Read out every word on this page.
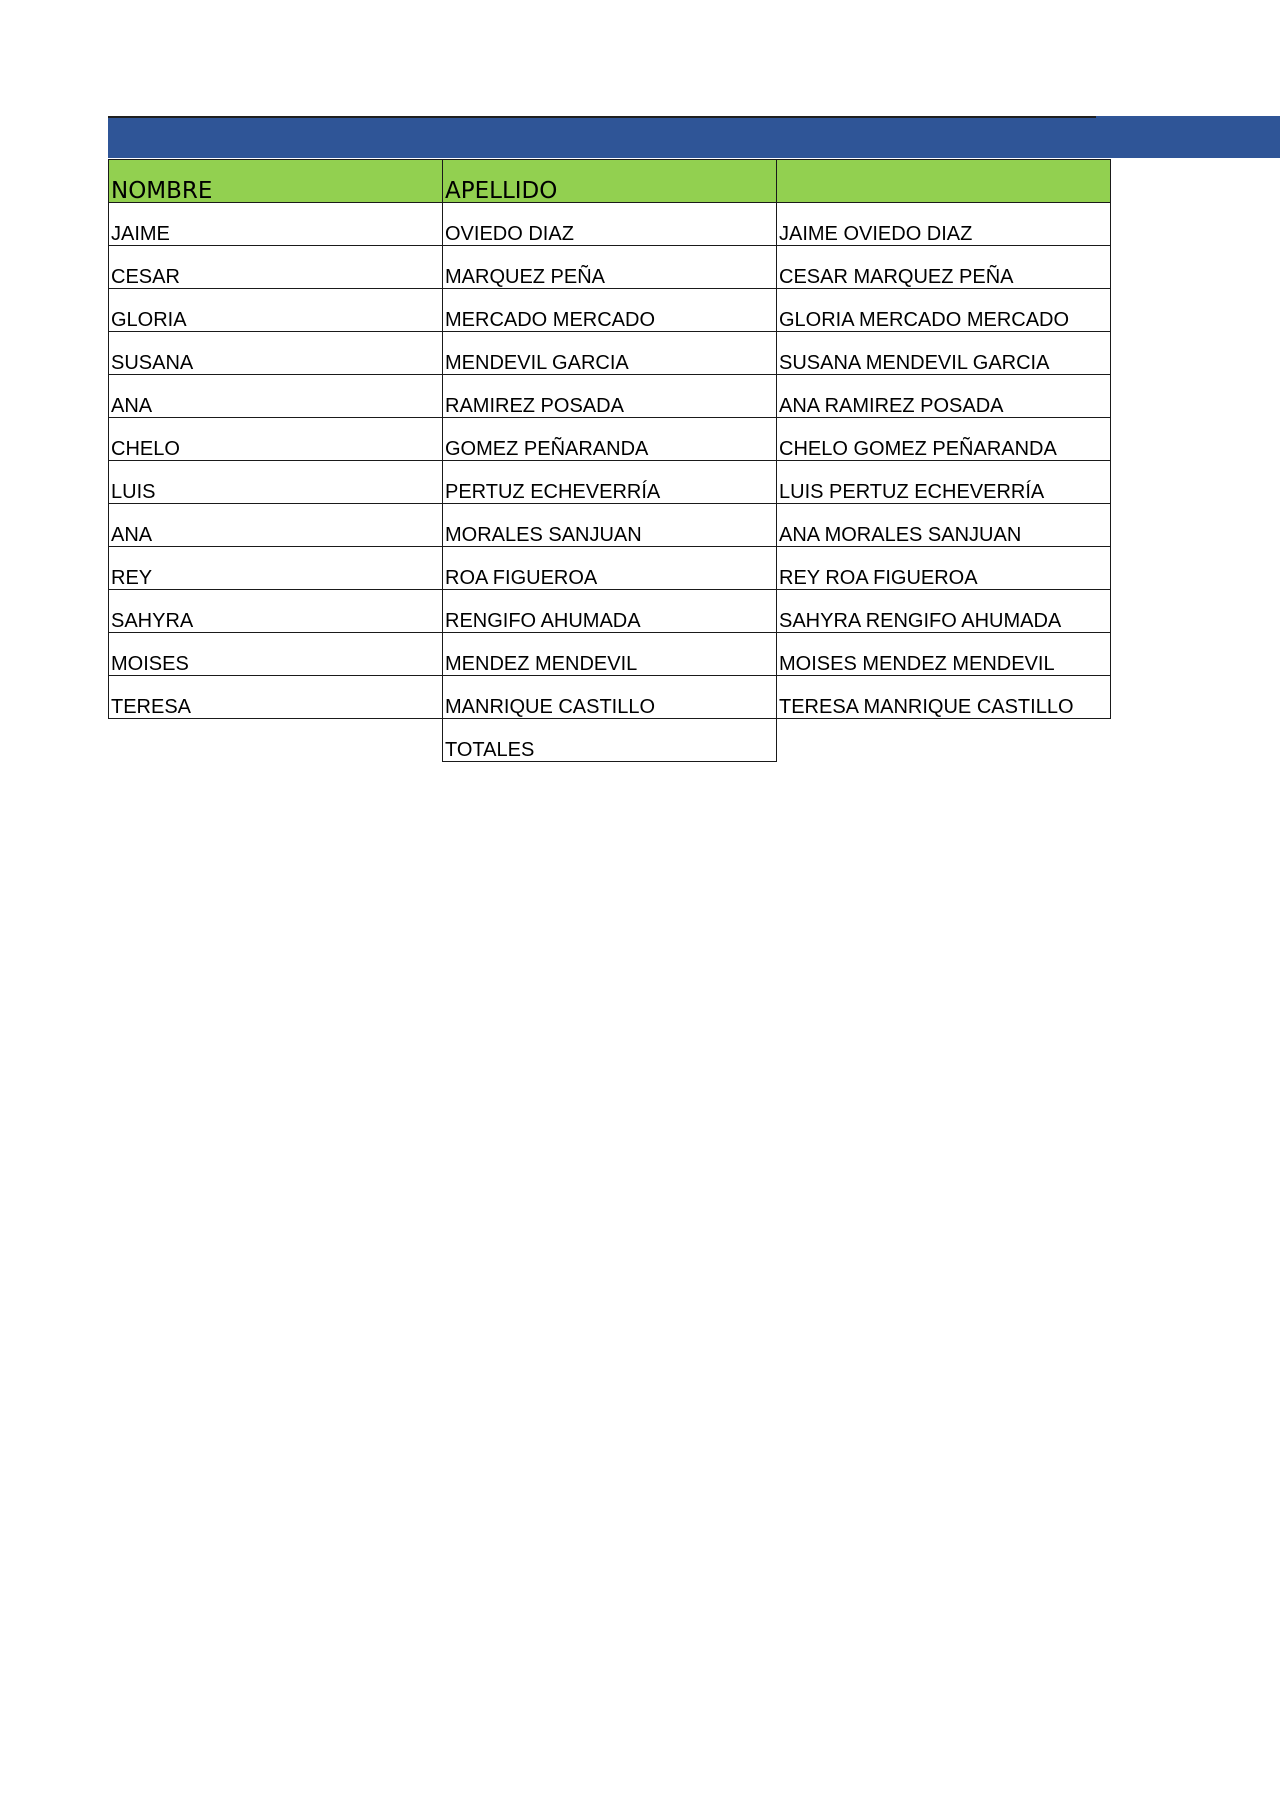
NOMBRE	APELLIDO	
JAIME	OVIEDO DIAZ	JAIME OVIEDO DIAZ
CESAR	MARQUEZ PEÑA	CESAR MARQUEZ PEÑA
GLORIA	MERCADO MERCADO	GLORIA MERCADO MERCADO
SUSANA	MENDEVIL GARCIA	SUSANA MENDEVIL GARCIA
ANA	RAMIREZ POSADA	ANA RAMIREZ POSADA
CHELO	GOMEZ PEÑARANDA	CHELO GOMEZ PEÑARANDA
LUIS	PERTUZ ECHEVERRÍA	LUIS PERTUZ ECHEVERRÍA
ANA	MORALES SANJUAN	ANA MORALES SANJUAN
REY	ROA FIGUEROA	REY ROA FIGUEROA
SAHYRA	RENGIFO AHUMADA	SAHYRA RENGIFO AHUMADA
MOISES	MENDEZ MENDEVIL	MOISES MENDEZ MENDEVIL
TERESA	MANRIQUE CASTILLO	TERESA MANRIQUE CASTILLO
	TOTALES	
